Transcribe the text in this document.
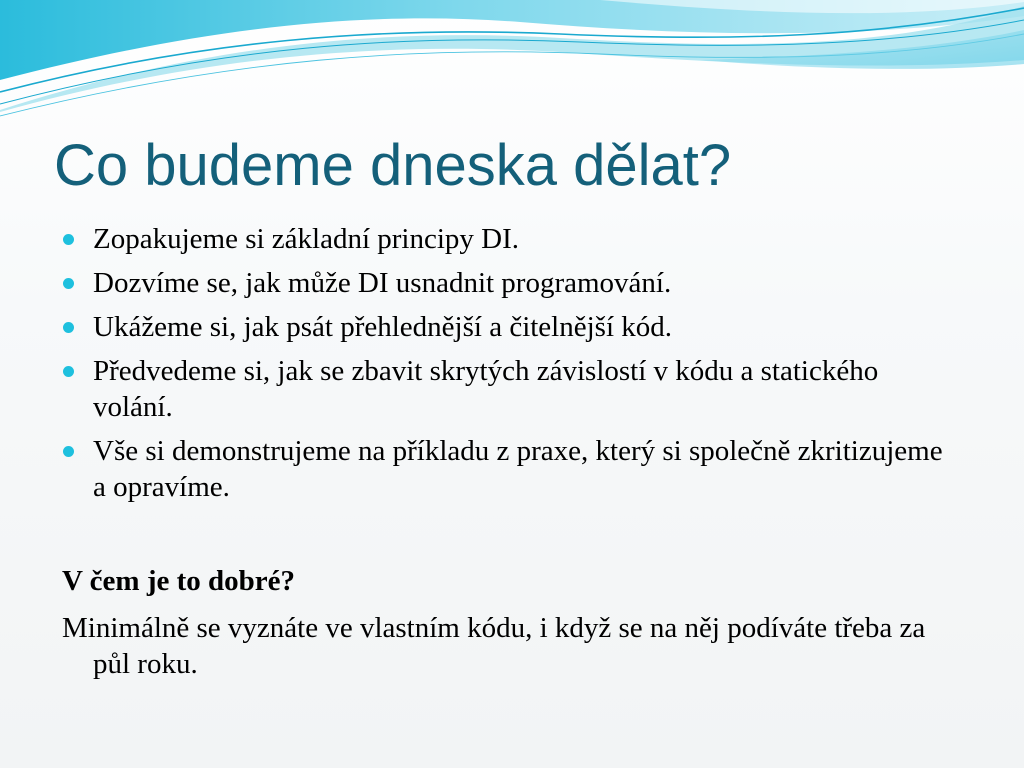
Co budeme dneska dělat?
Zopakujeme si základní principy DI.
Dozvíme se, jak může DI usnadnit programování.
Ukážeme si, jak psát přehlednější a čitelnější kód.
Předvedeme si, jak se zbavit skrytých závislostí v kódu a statického volání.
Vše si demonstrujeme na příkladu z praxe, který si společně zkritizujeme a opravíme.

V čem je to dobré?

Minimálně se vyznáte ve vlastním kódu, i když se na něj podíváte třeba za půl roku.
